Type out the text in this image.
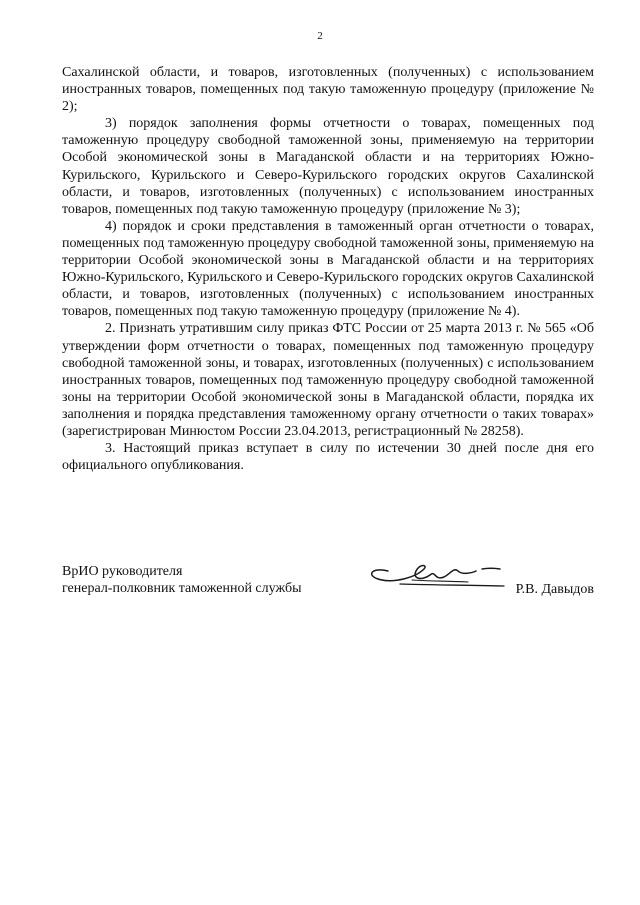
2

Сахалинской области, и товаров, изготовленных (полученных) с использованием иностранных товаров, помещенных под такую таможенную процедуру (приложение № 2);

3) порядок заполнения формы отчетности о товарах, помещенных под таможенную процедуру свободной таможенной зоны, применяемую на территории Особой экономической зоны в Магаданской области и на территориях Южно-Курильского, Курильского и Северо-Курильского городских округов Сахалинской области, и товаров, изготовленных (полученных) с использованием иностранных товаров, помещенных под такую таможенную процедуру (приложение № 3);

4) порядок и сроки представления в таможенный орган отчетности о товарах, помещенных под таможенную процедуру свободной таможенной зоны, применяемую на территории Особой экономической зоны в Магаданской области и на территориях Южно-Курильского, Курильского и Северо-Курильского городских округов Сахалинской области, и товаров, изготовленных (полученных) с использованием иностранных товаров, помещенных под такую таможенную процедуру (приложение № 4).

2. Признать утратившим силу приказ ФТС России от 25 марта 2013 г. № 565 «Об утверждении форм отчетности о товарах, помещенных под таможенную процедуру свободной таможенной зоны, и товарах, изготовленных (полученных) с использованием иностранных товаров, помещенных под таможенную процедуру свободной таможенной зоны на территории Особой экономической зоны в Магаданской области, порядка их заполнения и порядка представления таможенному органу отчетности о таких товарах» (зарегистрирован Минюстом России 23.04.2013, регистрационный № 28258).

3. Настоящий приказ вступает в силу по истечении 30 дней после дня его официального опубликования.

ВрИО руководителя
генерал-полковник таможенной службы	Р.В. Давыдов
